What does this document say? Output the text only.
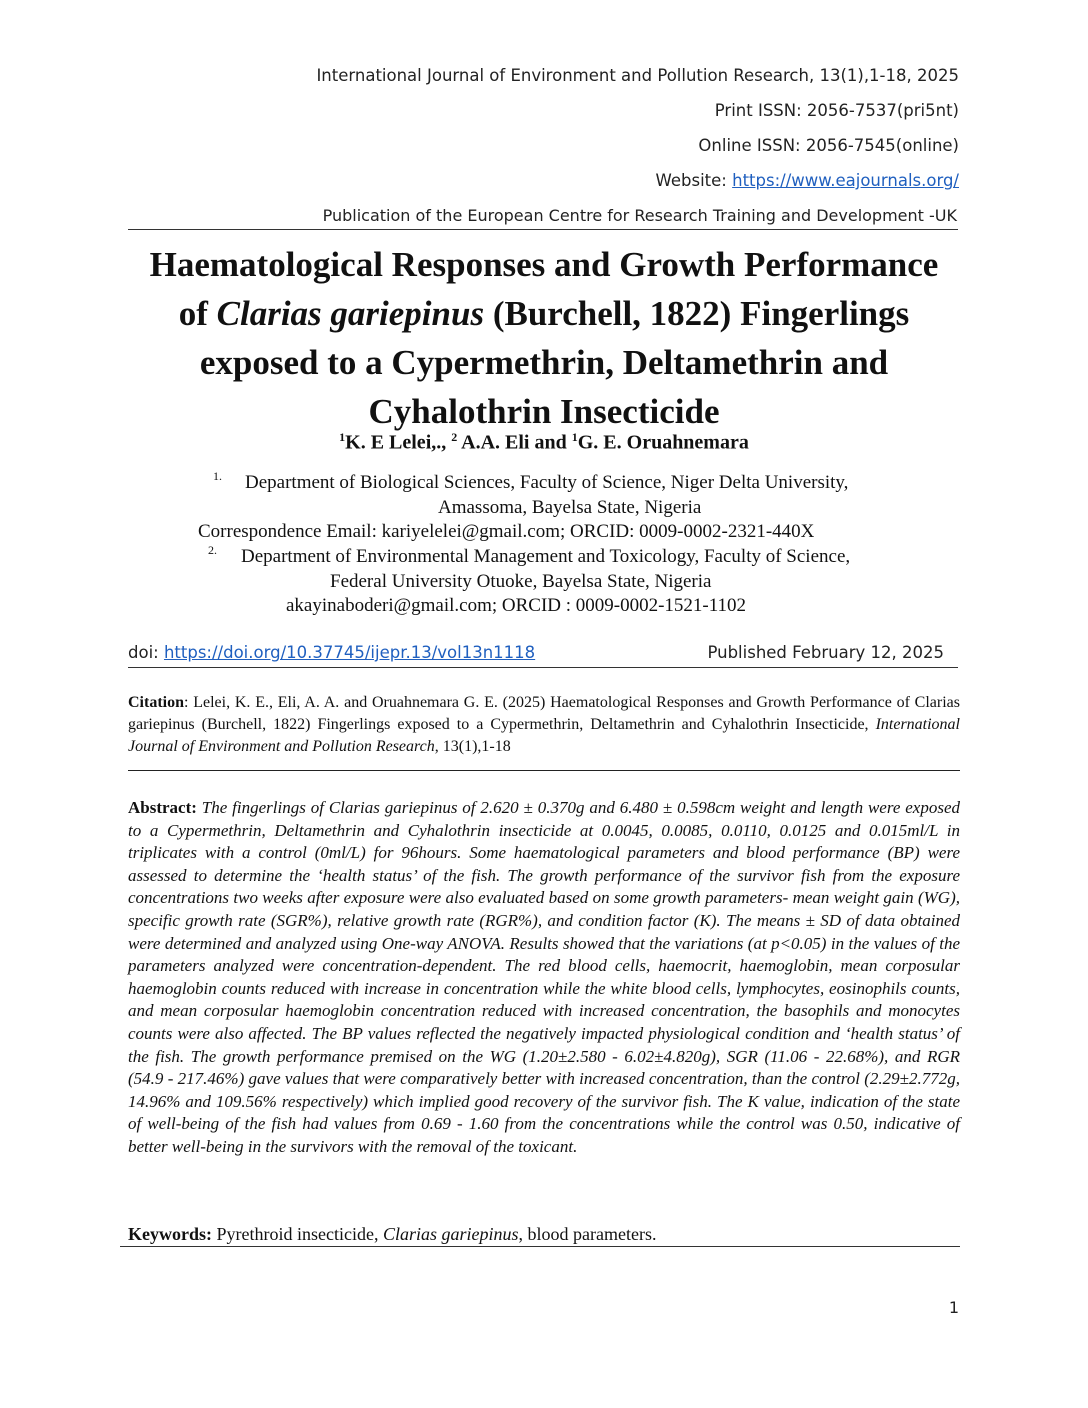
International Journal of Environment and Pollution Research, 13(1),1-18, 2025
Print ISSN: 2056-7537(pri5nt)
Online ISSN: 2056-7545(online)
Website: https://www.eajournals.org/
Publication of the European Centre for Research Training and Development -UK
Haematological Responses and Growth Performance
of Clarias gariepinus (Burchell, 1822) Fingerlings
exposed to a Cypermethrin, Deltamethrin and
Cyhalothrin Insecticide
$^1$K. E Lelei,., $^2$ A.A. Eli and $^1$G. E. Oruahnemara
1. Department of Biological Sciences, Faculty of Science, Niger Delta University,
Amassoma, Bayelsa State, Nigeria
Correspondence Email: kariyelelei@gmail.com; ORCID: 0009-0002-2321-440X
2. Department of Environmental Management and Toxicology, Faculty of Science,
Federal University Otuoke, Bayelsa State, Nigeria
akayinaboderi@gmail.com; ORCID : 0009-0002-1521-1102
doi: https://doi.org/10.37745/ijepr.13/vol13n1118	Published February 12, 2025
Citation: Lelei, K. E., Eli, A. A. and Oruahnemara G. E. (2025) Haematological Responses and Growth Performance of Clarias gariepinus (Burchell, 1822) Fingerlings exposed to a Cypermethrin, Deltamethrin and Cyhalothrin Insecticide, International Journal of Environment and Pollution Research, 13(1),1-18
Abstract: The fingerlings of Clarias gariepinus of 2.620 ± 0.370g and 6.480 ± 0.598cm weight and length were exposed to a Cypermethrin, Deltamethrin and Cyhalothrin insecticide at 0.0045, 0.0085, 0.0110, 0.0125 and 0.015ml/L in triplicates with a control (0ml/L) for 96hours. Some haematological parameters and blood performance (BP) were assessed to determine the ‘health status’ of the fish. The growth performance of the survivor fish from the exposure concentrations two weeks after exposure were also evaluated based on some growth parameters- mean weight gain (WG), specific growth rate (SGR%), relative growth rate (RGR%), and condition factor (K). The means ± SD of data obtained were determined and analyzed using One-way ANOVA. Results showed that the variations (at p<0.05) in the values of the parameters analyzed were concentration-dependent. The red blood cells, haemocrit, haemoglobin, mean corposular haemoglobin counts reduced with increase in concentration while the white blood cells, lymphocytes, eosinophils counts, and mean corposular haemoglobin concentration reduced with increased concentration, the basophils and monocytes counts were also affected. The BP values reflected the negatively impacted physiological condition and ‘health status’ of the fish. The growth performance premised on the WG (1.20±2.580 - 6.02±4.820g), SGR (11.06 - 22.68%), and RGR (54.9 - 217.46%) gave values that were comparatively better with increased concentration, than the control (2.29±2.772g, 14.96% and 109.56% respectively) which implied good recovery of the survivor fish. The K value, indication of the state of well-being of the fish had values from 0.69 - 1.60 from the concentrations while the control was 0.50, indicative of better well-being in the survivors with the removal of the toxicant.
Keywords: Pyrethroid insecticide, Clarias gariepinus, blood parameters.
1
